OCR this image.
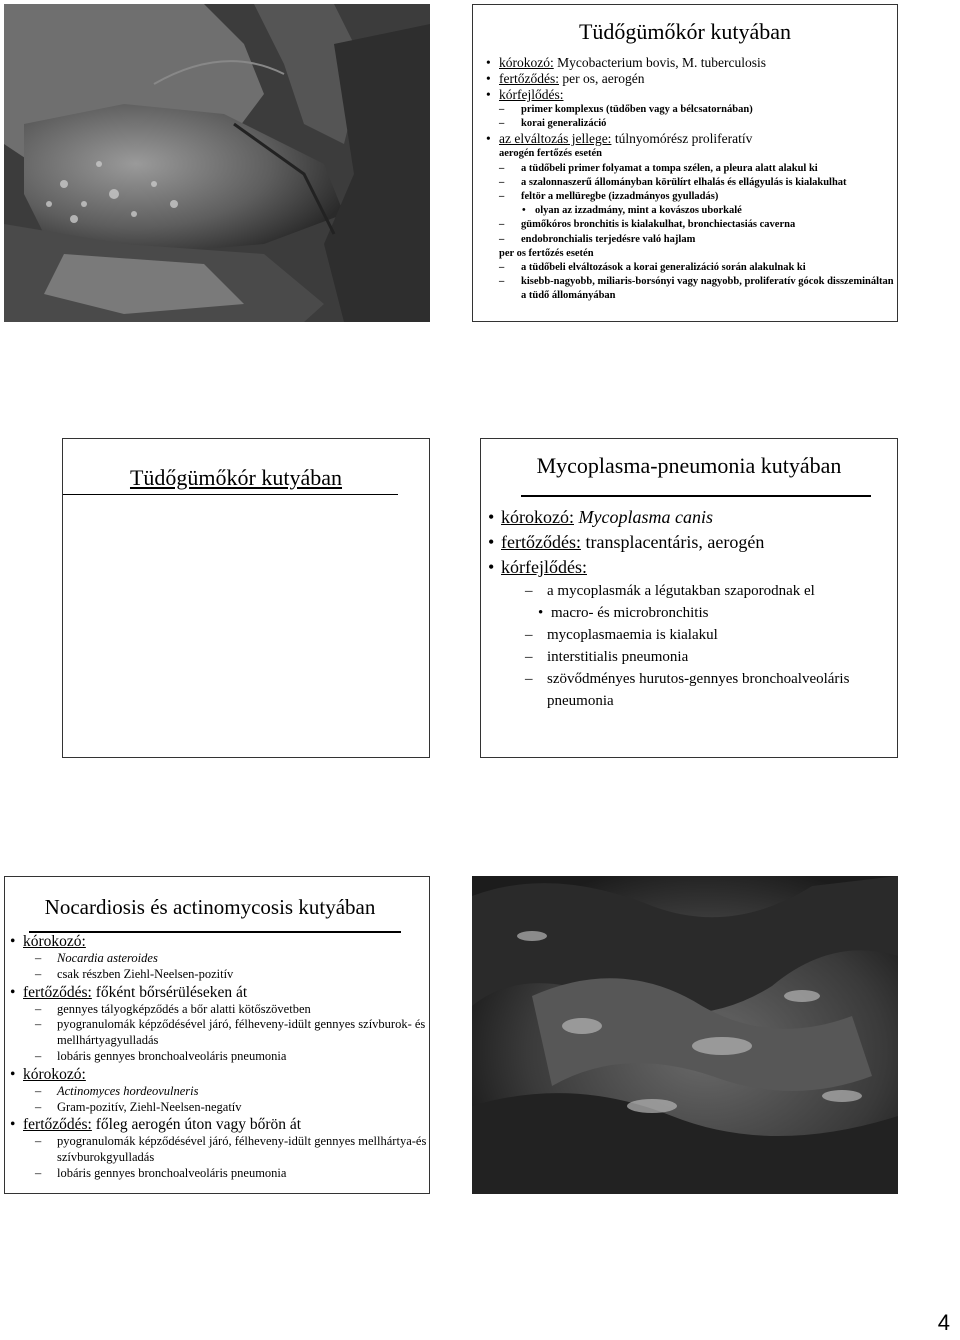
Tüdőgümőkór kutyában
• kórokozó: Mycobacterium bovis, M. tuberculosis
• fertőződés: per os, aerogén
• kórfejlődés:
– primer komplexus (tüdőben vagy a bélcsatornában)
– korai generalizáció
• az elváltozás jellege: túlnyomórész proliferatív
aerogén fertőzés esetén
– a tüdőbeli primer folyamat a tompa szélen, a pleura alatt alakul ki
– a szalonnaszerű állományban körülírt elhalás és ellágyulás is kialakulhat
– feltör a mellüregbe (izzadmányos gyulladás)
• olyan az izzadmány, mint a kovászos uborkalé
– gümőkóros bronchitis is kialakulhat, bronchiectasiás caverna
– endobronchialis terjedésre való hajlam
per os fertőzés esetén
– a tüdőbeli elváltozások a korai generalizáció során alakulnak ki
– kisebb-nagyobb, miliaris-borsónyi vagy nagyobb, proliferatív gócok disszemináltan a tüdő állományában
Tüdőgümőkór kutyában	Mycoplasma-pneumonia kutyában
• kórokozó: Mycoplasma canis
• fertőződés: transplacentáris, aerogén
• kórfejlődés:
– a mycoplasmák a légutakban szaporodnak el
• macro- és microbronchitis
– mycoplasmaemia is kialakul
– interstitialis pneumonia
– szövődményes hurutos-gennyes bronchoalveoláris pneumonia
Nocardiosis és actinomycosis kutyában
• kórokozó:
– Nocardia asteroides
– csak részben Ziehl-Neelsen-pozitív
• fertőződés: főként bőrsérüléseken át
– gennyes tályogképződés a bőr alatti kötőszövetben
– pyogranulomák képződésével járó, félheveny-idült gennyes szívburok- és mellhártyagyulladás
– lobáris gennyes bronchoalveoláris pneumonia
• kórokozó:
– Actinomyces hordeovulneris
– Gram-pozitív, Ziehl-Neelsen-negatív
• fertőződés: főleg aerogén úton vagy bőrön át
– pyogranulomák képződésével járó, félheveny-idült gennyes mellhártya-és szívburokgyulladás
– lobáris gennyes bronchoalveoláris pneumonia
4
